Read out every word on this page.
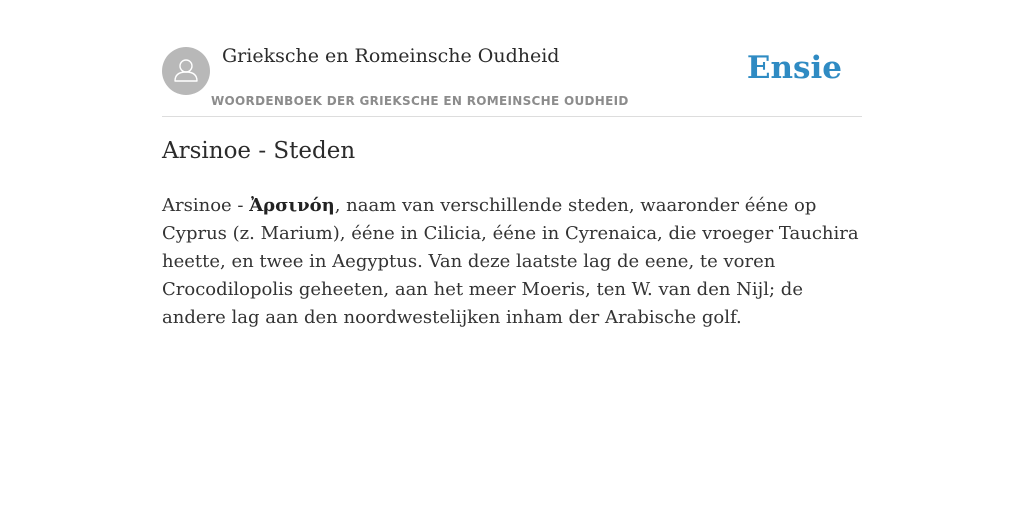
Grieksche en Romeinsche Oudheid
WOORDENBOEK DER GRIEKSCHE EN ROMEINSCHE OUDHEID
Ensie
Arsinoe - Steden

Arsinoe - Ἀρσινόη, naam van verschillende steden, waaronder ééne op Cyprus (z. Marium), ééne in Cilicia, ééne in Cyrenaica, die vroeger Tauchira heette, en twee in Aegyptus. Van deze laatste lag de eene, te voren Crocodilopolis geheeten, aan het meer Moeris, ten W. van den Nijl; de andere lag aan den noordwestelijken inham der Arabische golf.
